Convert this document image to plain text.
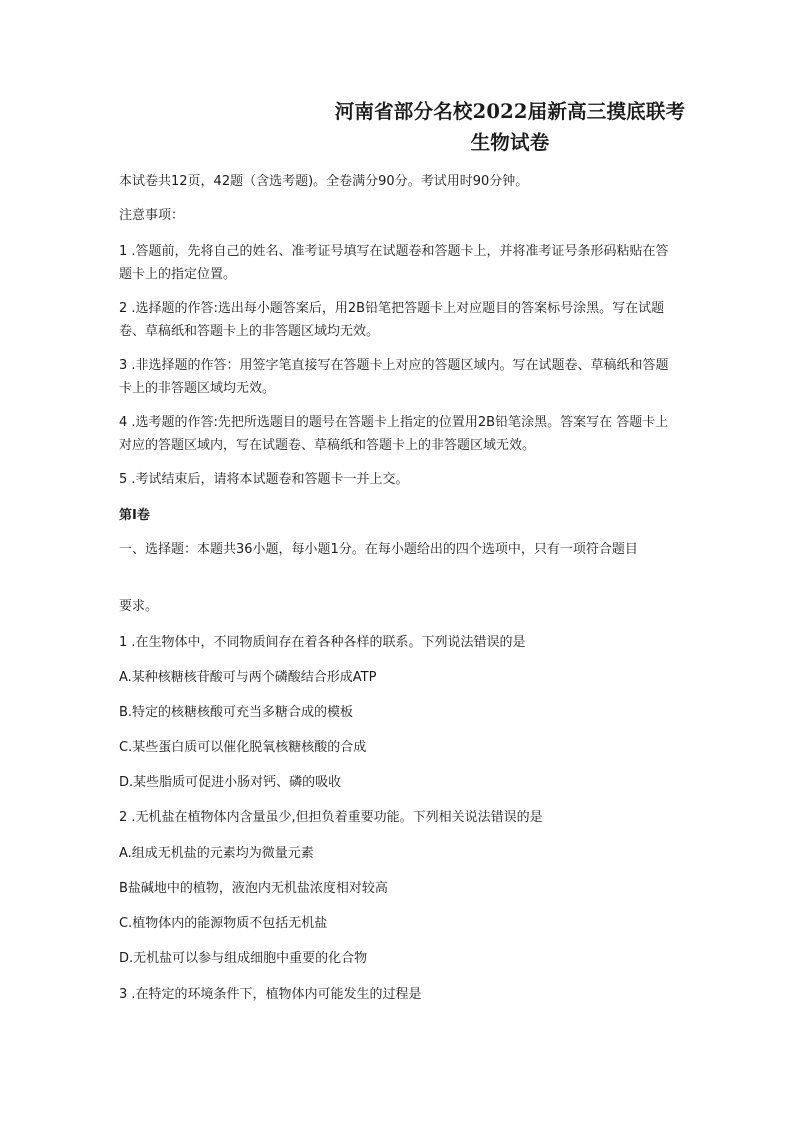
河南省部分名校2022届新高三摸底联考
生物试卷
本试卷共12页，42题（含选考题)。全卷满分90分。考试用时90分钟。
注意事项：
1 .答题前，先将自己的姓名、准考证号填写在试题卷和答题卡上，并将准考证号条形码粘贴在答题卡上的指定位置。
2 .选择题的作答:选出每小题答案后，用2B铅笔把答题卡上对应题目的答案标号涂黑。写在试题卷、草稿纸和答题卡上的非答题区域均无效。
3 .非选择题的作答：用签字笔直接写在答题卡上对应的答题区域内。写在试题卷、草稿纸和答题卡上的非答题区域均无效。
4 .选考题的作答:先把所选题目的题号在答题卡上指定的位置用2B铅笔涂黑。答案写在 答题卡上对应的答题区域内，写在试题卷、草稿纸和答题卡上的非答题区域无效。
5 .考试结束后，请将本试题卷和答题卡一并上交。
第I卷
一、选择题：本题共36小题，每小题1分。在每小题给出的四个选项中，只有一项符合题目
要求。
1 .在生物体中，不同物质间存在着各种各样的联系。下列说法错误的是
A.某种核糖核苷酸可与两个磷酸结合形成ATP
B.特定的核糖核酸可充当多糖合成的模板
C.某些蛋白质可以催化脱氧核糖核酸的合成
D.某些脂质可促进小肠对钙、磷的吸收
2 .无机盐在植物体内含量虽少,但担负着重要功能。下列相关说法错误的是
A.组成无机盐的元素均为微量元素
B盐碱地中的植物，液泡内无机盐浓度相对较高
C.植物体内的能源物质不包括无机盐
D.无机盐可以参与组成细胞中重要的化合物
3 .在特定的环境条件下，植物体内可能发生的过程是
